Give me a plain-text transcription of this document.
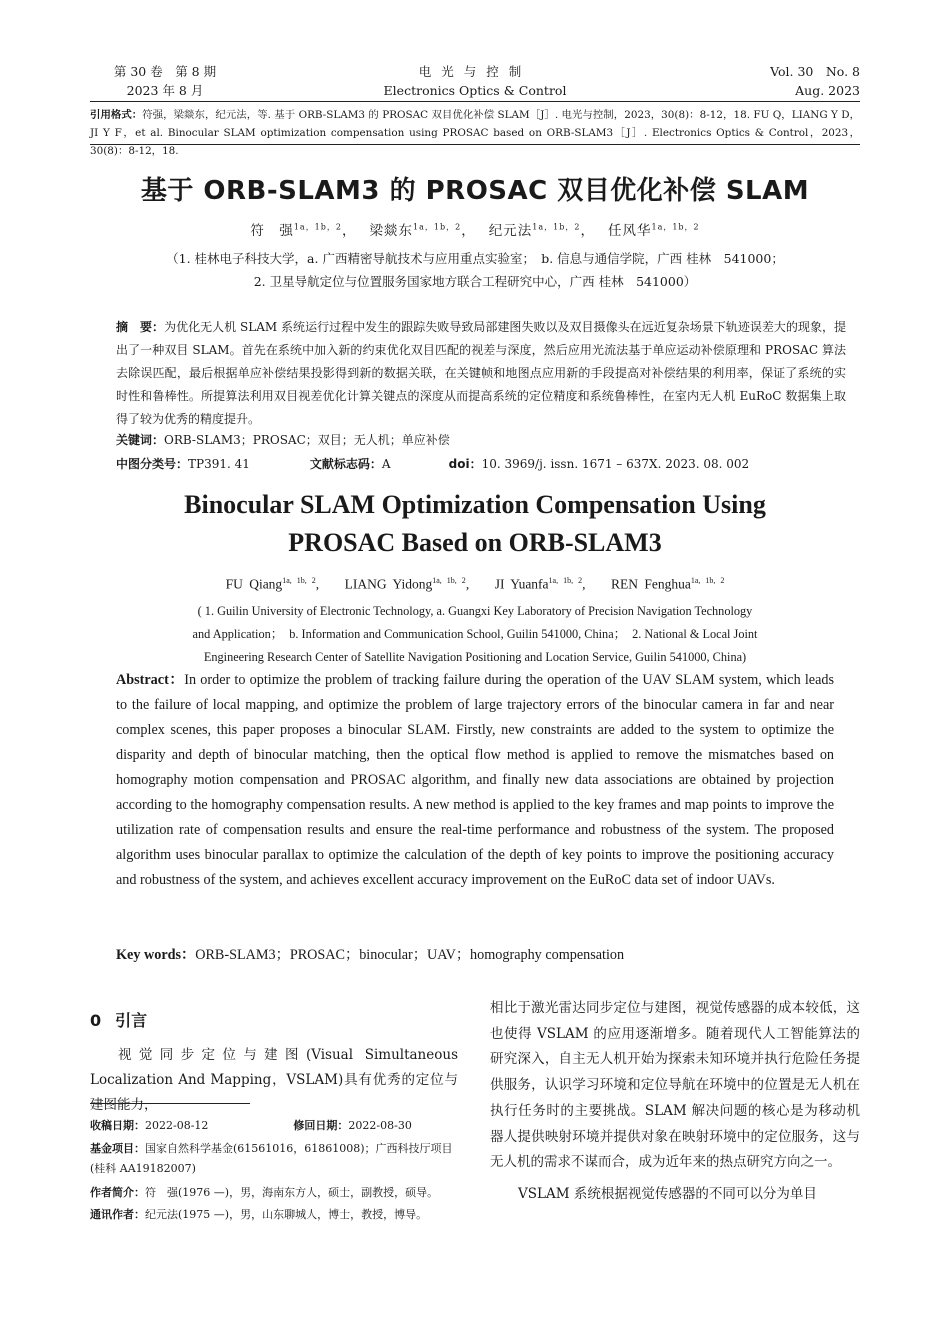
第 30 卷　第 8 期
2023 年 8 月
电光与控制
Electronics Optics & Control
Vol. 30　No. 8
Aug. 2023
引用格式：符强，梁燚东，纪元法，等. 基于 ORB-SLAM3 的 PROSAC 双目优化补偿 SLAM［J］. 电光与控制，2023，30(8)：8-12，18. FU Q，LIANG Y D，JI Y F，et al. Binocular SLAM optimization compensation using PROSAC based on ORB-SLAM3［J］. Electronics Optics & Control，2023，30(8)：8-12，18.
基于 ORB-SLAM3 的 PROSAC 双目优化补偿 SLAM
符　强$^{1a,1b,2}$，　 梁燚东$^{1a,1b,2}$，　 纪元法$^{1a,1b,2}$，　 任风华$^{1a,1b,2}$
（1. 桂林电子科技大学，a. 广西精密导航技术与应用重点实验室；　b. 信息与通信学院，广西 桂林　541000；
2. 卫星导航定位与位置服务国家地方联合工程研究中心，广西 桂林　541000）
摘　要：为优化无人机 SLAM 系统运行过程中发生的跟踪失败导致局部建图失败以及双目摄像头在远近复杂场景下轨迹误差大的现象，提出了一种双目 SLAM。首先在系统中加入新的约束优化双目匹配的视差与深度，然后应用光流法基于单应运动补偿原理和 PROSAC 算法去除误匹配，最后根据单应补偿结果投影得到新的数据关联，在关键帧和地图点应用新的手段提高对补偿结果的利用率，保证了系统的实时性和鲁棒性。所提算法利用双目视差优化计算关键点的深度从而提高系统的定位精度和系统鲁棒性，在室内无人机 EuRoC 数据集上取得了较为优秀的精度提升。
关键词：ORB-SLAM3；PROSAC；双目；无人机；单应补偿
中图分类号：TP391. 41	文献标志码：A	doi：10. 3969/j. issn. 1671 – 637X. 2023. 08. 002
Binocular SLAM Optimization Compensation Using
PROSAC Based on ORB-SLAM3
FU Qiang$^{1a, 1b, 2}$,    LIANG Yidong$^{1a, 1b, 2}$,    JI Yuanfa$^{1a, 1b, 2}$,    REN Fenghua$^{1a, 1b, 2}$
( 1. Guilin University of Electronic Technology, a. Guangxi Key Laboratory of Precision Navigation Technology
and Application；　b. Information and Communication School, Guilin 541000, China；　2. National & Local Joint
Engineering Research Center of Satellite Navigation Positioning and Location Service, Guilin 541000, China)
Abstract：In order to optimize the problem of tracking failure during the operation of the UAV SLAM system, which leads to the failure of local mapping, and optimize the problem of large trajectory errors of the binocular camera in far and near complex scenes, this paper proposes a binocular SLAM. Firstly, new constraints are added to the system to optimize the disparity and depth of binocular matching, then the optical flow method is applied to remove the mismatches based on homography motion compensation and PROSAC algorithm, and finally new data associations are obtained by projection according to the homography compensation results. A new method is applied to the key frames and map points to improve the utilization rate of compensation results and ensure the real-time performance and robustness of the system. The proposed algorithm uses binocular parallax to optimize the calculation of the depth of key points to improve the positioning accuracy and robustness of the system, and achieves excellent accuracy improvement on the EuRoC data set of indoor UAVs.
Key words：ORB-SLAM3；PROSAC；binocular；UAV；homography compensation
0 引言
视觉同步定位与建图(Visual Simultaneous Localization And Mapping，VSLAM)具有优秀的定位与建图能力，
收稿日期：2022-08-12	修回日期：2022-08-30
基金项目：国家自然科学基金(61561016，61861008)；广西科技厅项目(桂科 AA19182007)
作者简介：符　强(1976 —)，男，海南东方人，硕士，副教授，硕导。
通讯作者：纪元法(1975 —)，男，山东聊城人，博士，教授，博导。

相比于激光雷达同步定位与建图，视觉传感器的成本较低，这也使得 VSLAM 的应用逐渐增多。随着现代人工智能算法的研究深入，自主无人机开始为探索未知环境并执行危险任务提供服务，认识学习环境和定位导航在环境中的位置是无人机在执行任务时的主要挑战。SLAM 解决问题的核心是为移动机器人提供映射环境并提供对象在映射环境中的定位服务，这与无人机的需求不谋而合，成为近年来的热点研究方向之一。

VSLAM 系统根据视觉传感器的不同可以分为单目
